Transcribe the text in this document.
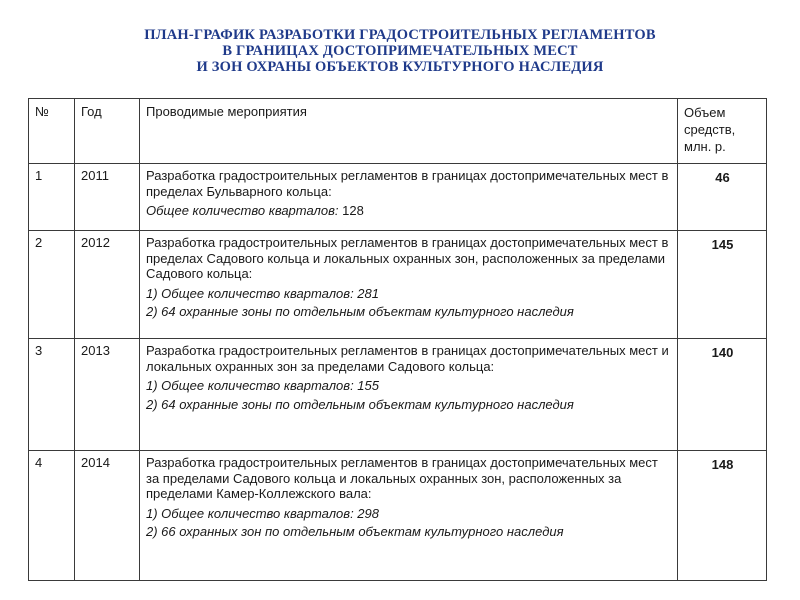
ПЛАН-ГРАФИК РАЗРАБОТКИ ГРАДОСТРОИТЕЛЬНЫХ РЕГЛАМЕНТОВ
В ГРАНИЦАХ ДОСТОПРИМЕЧАТЕЛЬНЫХ МЕСТ
И ЗОН ОХРАНЫ ОБЪЕКТОВ КУЛЬТУРНОГО НАСЛЕДИЯ
№	Год	Проводимые мероприятия	Объем средств, млн. р.
1	2011	Разработка градостроительных регламентов в границах достопримечательных мест в пределах Бульварного кольца:
Общее количество кварталов: 128	46
2	2012	Разработка градостроительных регламентов в границах достопримечательных мест в пределах Садового кольца и локальных охранных зон, расположенных за пределами Садового кольца:
1) Общее количество кварталов: 281
2) 64 охранные зоны по отдельным объектам культурного наследия	145
3	2013	Разработка градостроительных регламентов в границах достопримечательных мест и локальных охранных зон за пределами Садового кольца:
1) Общее количество кварталов: 155
2) 64 охранные зоны по отдельным объектам культурного наследия	140
4	2014	Разработка градостроительных регламентов в границах достопримечательных мест за пределами Садового кольца и локальных охранных зон, расположенных за пределами Камер-Коллежского вала:
1) Общее количество кварталов: 298
2) 66 охранных зон по отдельным объектам культурного наследия	148
